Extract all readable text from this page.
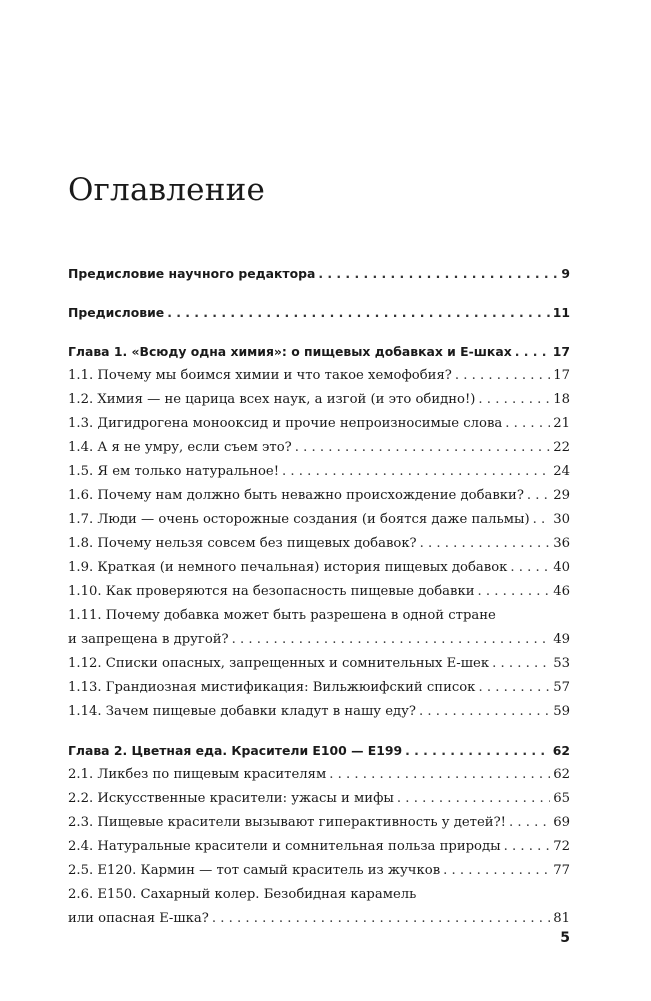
Оглавление
Предисловие научного редактора . . .	9
Предисловие . . .	11
Глава 1. «Всюду одна химия»: о пищевых добавках и Е-шках . . .	17
1.1. Почему мы боимся химии и что такое хемофобия? . . .	17
1.2. Химия — не царица всех наук, а изгой (и это обидно!) . . .	18
1.3. Дигидрогена монооксид и прочие непроизносимые слова . . .	21
1.4. А я не умру, если съем это? . . .	22
1.5. Я ем только натуральное! . . .	24
1.6. Почему нам должно быть неважно происхождение добавки? . . . 29
1.7. Люди — очень осторожные создания (и боятся даже пальмы) . . . 30
1.8. Почему нельзя совсем без пищевых добавок? . . .	36
1.9. Краткая (и немного печальная) история пищевых добавок . . .	40
1.10. Как проверяются на безопасность пищевые добавки . . .	46
1.11. Почему добавка может быть разрешена в одной стране
и запрещена в другой? . . .	49
1.12. Списки опасных, запрещенных и сомнительных Е-шек . . .	53
1.13. Грандиозная мистификация: Вильжюифский список . . .	57
1.14. Зачем пищевые добавки кладут в нашу еду? . . .	59
Глава 2. Цветная еда. Красители Е100 — Е199 . . .	62
2.1. Ликбез по пищевым красителям . . .	62
2.2. Искусственные красители: ужасы и мифы . . .	65
2.3. Пищевые красители вызывают гиперактивность у детей?! . . .	69
2.4. Натуральные красители и сомнительная польза природы . . .	72
2.5. Е120. Кармин — тот самый краситель из жучков . . .	77
2.6. Е150. Сахарный колер. Безобидная карамель
или опасная Е-шка? . . .	81
5
